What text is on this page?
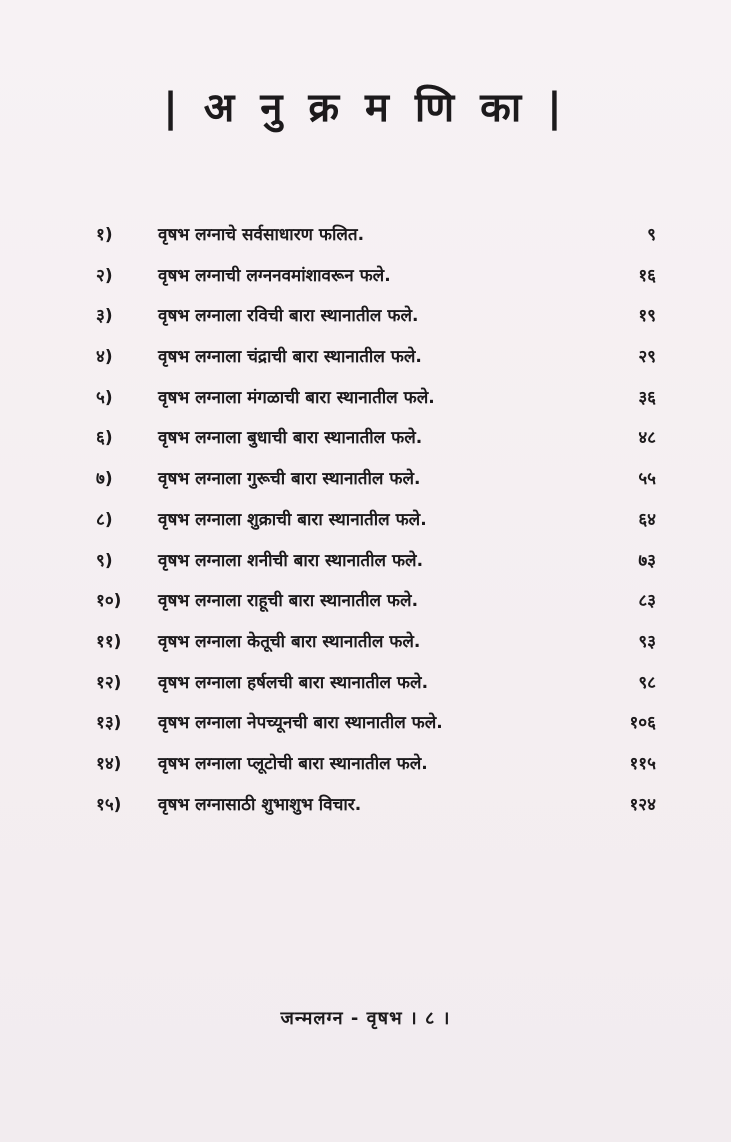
| अ नु क्र म णि का |
१)	वृषभ लग्नाचे सर्वसाधारण फलित.	९
२)	वृषभ लग्नाची लग्ननवमांशावरून फले.	१६
३)	वृषभ लग्नाला रविची बारा स्थानातील फले.	१९
४)	वृषभ लग्नाला चंद्राची बारा स्थानातील फले.	२९
५)	वृषभ लग्नाला मंगळाची बारा स्थानातील फले.	३६
६)	वृषभ लग्नाला बुधाची बारा स्थानातील फले.	४८
७)	वृषभ लग्नाला गुरूची बारा स्थानातील फले.	५५
८)	वृषभ लग्नाला शुक्राची बारा स्थानातील फले.	६४
९)	वृषभ लग्नाला शनीची बारा स्थानातील फले.	७३
१०) वृषभ लग्नाला राहूची बारा स्थानातील फले.	८३
११) वृषभ लग्नाला केतूची बारा स्थानातील फले.	९३
१२) वृषभ लग्नाला हर्षलची बारा स्थानातील फले.	९८
१३) वृषभ लग्नाला नेपच्यूनची बारा स्थानातील फले.	१०६
१४) वृषभ लग्नाला प्लूटोची बारा स्थानातील फले.	११५
१५) वृषभ लग्नासाठी शुभाशुभ विचार.	१२४
जन्मलग्न - वृषभ । ८ ।
